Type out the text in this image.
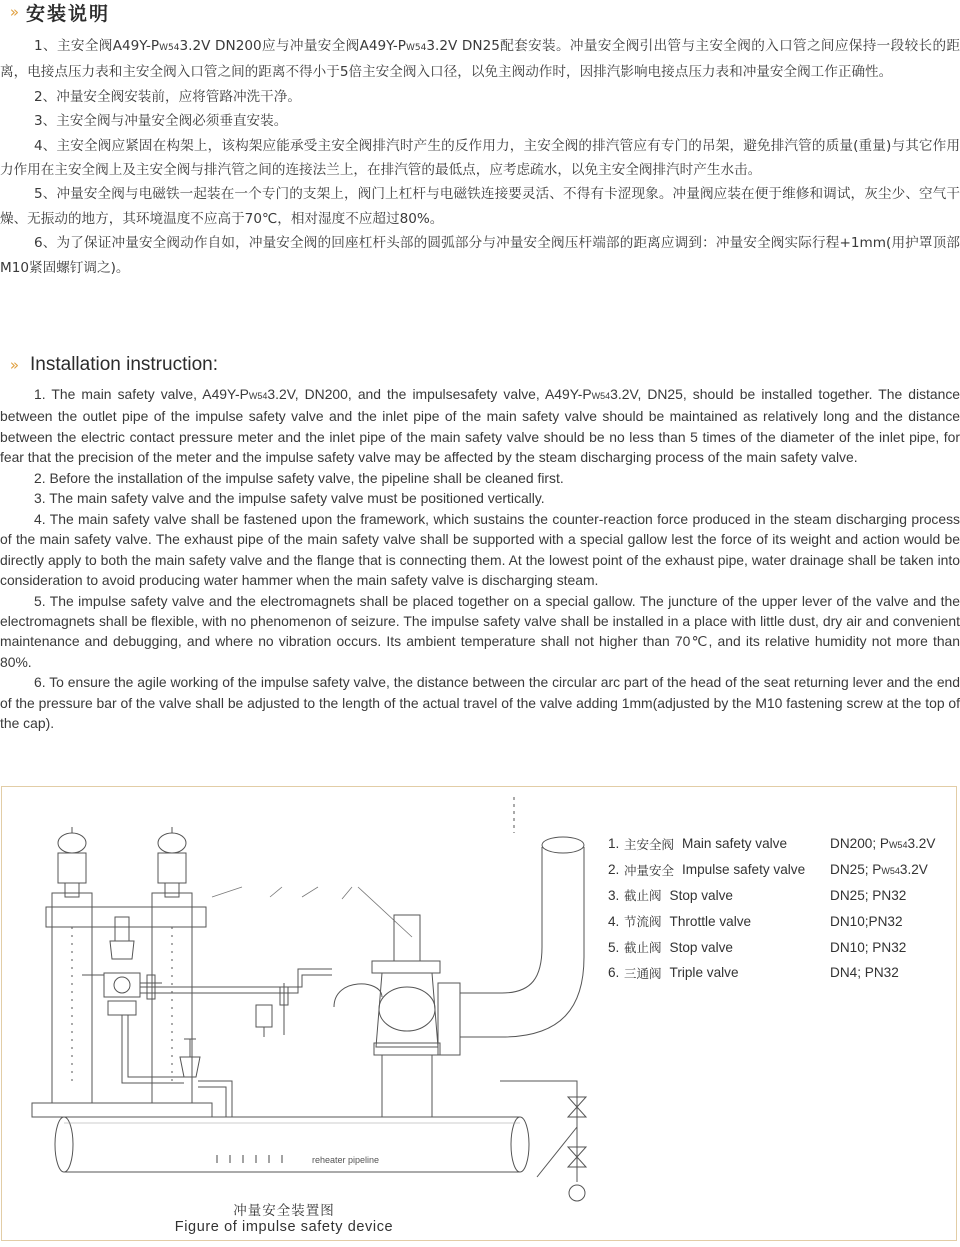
» 安装说明

1、主安全阀A49Y-PW543.2V DN200应与冲量安全阀A49Y-PW543.2V DN25配套安装。冲量安全阀引出管与主安全阀的入口管之间应保持一段较长的距离，电接点压力表和主安全阀入口管之间的距离不得小于5倍主安全阀入口径，以免主阀动作时，因排汽影响电接点压力表和冲量安全阀工作正确性。

2、冲量安全阀安装前，应将管路冲洗干净。

3、主安全阀与冲量安全阀必须垂直安装。

4、主安全阀应紧固在构架上，该构架应能承受主安全阀排汽时产生的反作用力，主安全阀的排汽管应有专门的吊架，避免排汽管的质量(重量)与其它作用力作用在主安全阀上及主安全阀与排汽管之间的连接法兰上，在排汽管的最低点，应考虑疏水，以免主安全阀排汽时产生水击。

5、冲量安全阀与电磁铁一起装在一个专门的支架上，阀门上杠杆与电磁铁连接要灵活、不得有卡涩现象。冲量阀应装在便于维修和调试，灰尘少、空气干燥、无振动的地方，其环境温度不应高于70℃，相对湿度不应超过80%。

6、为了保证冲量安全阀动作自如，冲量安全阀的回座杠杆头部的圆弧部分与冲量安全阀压杆端部的距离应调到：冲量安全阀实际行程+1mm(用护罩顶部M10紧固螺钉调之)。

» Installation instruction:

1. The main safety valve, A49Y-PW543.2V, DN200, and the impulsesafety valve, A49Y-PW543.2V, DN25, should be installed together. The distance between the outlet pipe of the impulse safety valve and the inlet pipe of the main safety valve should be maintained as relatively long and the distance between the electric contact pressure meter and the inlet pipe of the main safety valve should be no less than 5 times of the diameter of the inlet pipe, for fear that the precision of the meter and the impulse safety valve may be affected by the steam discharging process of the main safety valve.

2. Before the installation of the impulse safety valve, the pipeline shall be cleaned first.

3. The main safety valve and the impulse safety valve must be positioned vertically.

4. The main safety valve shall be fastened upon the framework, which sustains the counter-reaction force produced in the steam discharging process of the main safety valve. The exhaust pipe of the main safety valve shall be supported with a special gallow lest the force of its weight and action would be directly apply to both the main safety valve and the flange that is connecting them. At the lowest point of the exhaust pipe, water drainage shall be taken into consideration to avoid producing water hammer when the main safety valve is discharging steam.

5. The impulse safety valve and the electromagnets shall be placed together on a special gallow. The juncture of the upper lever of the valve and the electromagnets shall be flexible, with no phenomenon of seizure. The impulse safety valve shall be installed in a place with little dust, dry air and convenient maintenance and debugging, and where no vibration occurs. Its ambient temperature shall not higher than 70℃, and its relative humidity not more than 80%.

6. To ensure the agile working of the impulse safety valve, the distance between the circular arc part of the head of the seat returning lever and the end of the pressure bar of the valve shall be adjusted to the length of the actual travel of the valve adding 1mm(adjusted by the M10 fastening screw at the top of the cap).

reheater pipeline
1. 主安全阀 Main safety valve	DN200; PW543.2V
2. 冲量安全 Impulse safety valve	DN25; PW543.2V
3. 截止阀 Stop valve	DN25; PN32
4. 节流阀 Throttle valve	DN10;PN32
5. 截止阀 Stop valve	DN10; PN32
6. 三通阀 Triple valve	DN4; PN32
冲量安全装置图
Figure of impulse safety device
